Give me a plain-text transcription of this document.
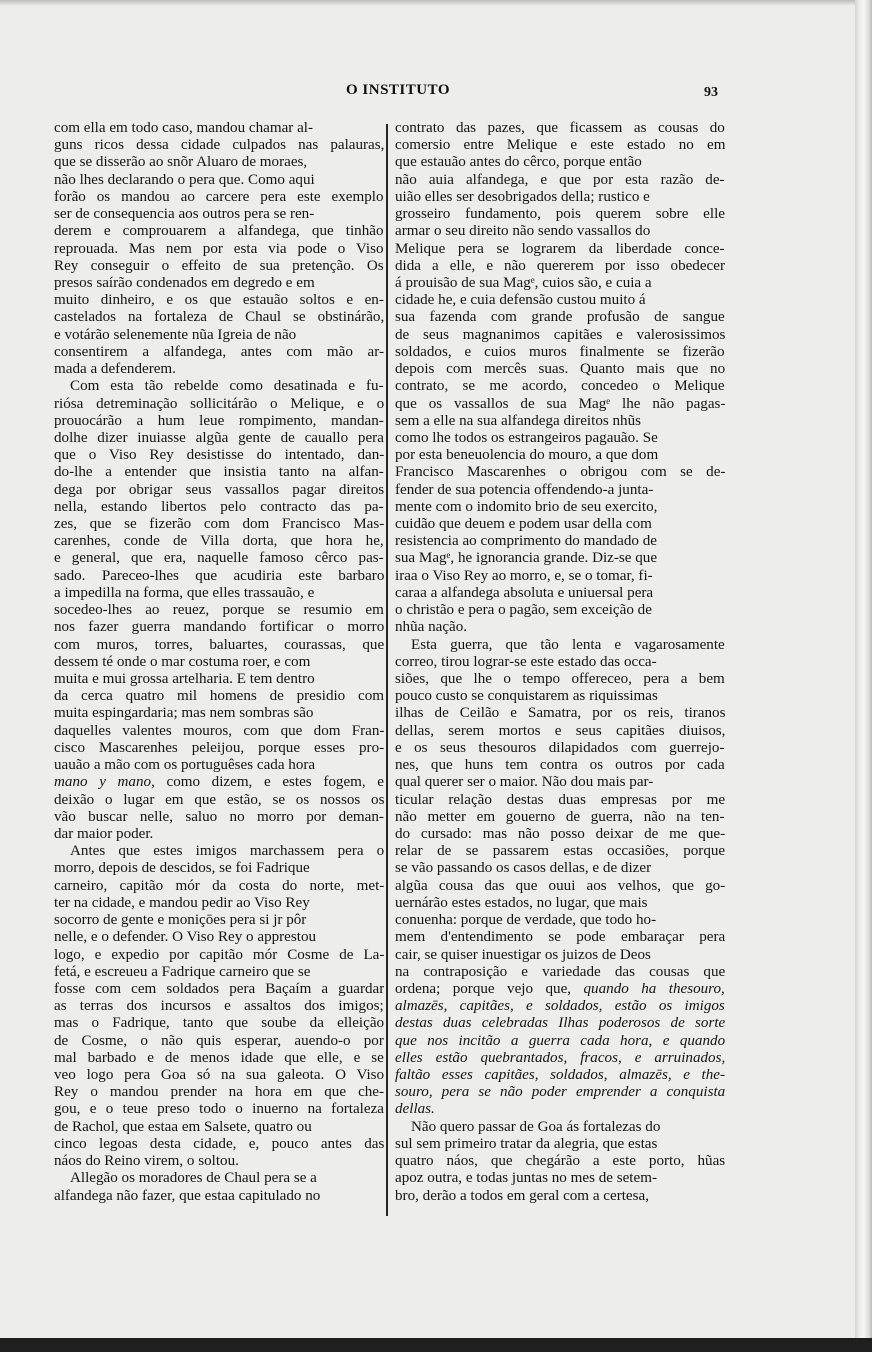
O INSTITUTO	93
com ella em todo caso, mandou chamar al-
guns ricos dessa cidade culpados nas palauras,
que se disserão ao snõr Aluaro de moraes,
não lhes declarando o pera que. Como aqui
forão os mandou ao carcere pera este exemplo
ser de consequencia aos outros pera se ren-
derem e comprouarem a alfandega, que tinhão
reprouada. Mas nem por esta via pode o Viso
Rey conseguir o effeito de sua pretenção. Os
presos saírão condenados em degredo e em
muito dinheiro, e os que estauão soltos e en-
castelados na fortaleza de Chaul se obstinárão,
e votárão selenemente nũa Igreia de não
consentirem a alfandega, antes com mão ar-
mada a defenderem.
Com esta tão rebelde como desatinada e fu-
riósa detreminação sollicitárão o Melique, e o
prouocárão a hum leue rompimento, mandan-
dolhe dizer inuiasse algũa gente de cauallo pera
que o Viso Rey desistisse do intentado, dan-
do-lhe a entender que insistia tanto na alfan-
dega por obrigar seus vassallos pagar direitos
nella, estando libertos pelo contracto das pa-
zes, que se fizerão com dom Francisco Mas-
carenhes, conde de Villa dorta, que hora he,
e general, que era, naquelle famoso cêrco pas-
sado. Pareceo-lhes que acudiria este barbaro
a impedilla na forma, que elles trassauão, e
socedeo-lhes ao reuez, porque se resumio em
nos fazer guerra mandando fortificar o morro
com muros, torres, baluartes, courassas, que
dessem té onde o mar costuma roer, e com
muita e mui grossa artelharia. E tem dentro
da cerca quatro mil homens de presidio com
muita espingardaria; mas nem sombras são
daquelles valentes mouros, com que dom Fran-
cisco Mascarenhes peleijou, porque esses pro-
uauão a mão com os portuguêses cada hora
mano y mano, como dizem, e estes fogem, e
deixão o lugar em que estão, se os nossos os
vão buscar nelle, saluo no morro por deman-
dar maior poder.
Antes que estes imigos marchassem pera o
morro, depois de descidos, se foi Fadrique
carneiro, capitão mór da costa do norte, met-
ter na cidade, e mandou pedir ao Viso Rey
socorro de gente e moniçōes pera si jr pôr
nelle, e o defender. O Viso Rey o apprestou
logo, e expedio por capitão mór Cosme de La-
fetá, e escreueu a Fadrique carneiro que se
fosse com cem soldados pera Baçaím a guardar
as terras dos incursos e assaltos dos imigos;
mas o Fadrique, tanto que soube da elleição
de Cosme, o não quis esperar, auendo-o por
mal barbado e de menos idade que elle, e se
veo logo pera Goa só na sua galeota. O Viso
Rey o mandou prender na hora em que che-
gou, e o teue preso todo o inuerno na fortaleza
de Rachol, que estaa em Salsete, quatro ou
cinco legoas desta cidade, e, pouco antes das
náos do Reino virem, o soltou.
Allegão os moradores de Chaul pera se a
alfandega não fazer, que estaa capitulado no
contrato das pazes, que ficassem as cousas do
comersio entre Melique e este estado no em
que estauão antes do cêrco, porque então
não auia alfandega, e que por esta razão de-
uião elles ser desobrigados della; rustico e
grosseiro fundamento, pois querem sobre elle
armar o seu direito não sendo vassallos do
Melique pera se lograrem da liberdade conce-
dida a elle, e não quererem por isso obedecer
á prouisão de sua Magᵉ, cuios são, e cuia a
cidade he, e cuia defensão custou muito á
sua fazenda com grande profusão de sangue
de seus magnanimos capitães e valerosissimos
soldados, e cuios muros finalmente se fizerão
depois com mercês suas. Quanto mais que no
contrato, se me acordo, concedeo o Melique
que os vassallos de sua Magᵉ lhe não pagas-
sem a elle na sua alfandega direitos nhũs
como lhe todos os estrangeiros pagauão. Se
por esta beneuolencia do mouro, a que dom
Francisco Mascarenhes o obrigou com se de-
fender de sua potencia offendendo-a junta-
mente com o indomito brio de seu exercito,
cuidão que deuem e podem usar della com
resistencia ao comprimento do mandado de
sua Magᵉ, he ignorancia grande. Diz-se que
iraa o Viso Rey ao morro, e, se o tomar, fi-
caraa a alfandega absoluta e uniuersal pera
o christão e pera o pagão, sem exceição de
nhũa nação.
Esta guerra, que tão lenta e vagarosamente
correo, tirou lograr-se este estado das occa-
siões, que lhe o tempo offereceo, pera a bem
pouco custo se conquistarem as riquissimas
ilhas de Ceilão e Samatra, por os reis, tiranos
dellas, serem mortos e seus capitães diuisos,
e os seus thesouros dilapidados com guerrejo-
nes, que huns tem contra os outros por cada
qual querer ser o maior. Não dou mais par-
ticular relação destas duas empresas por me
não metter em gouerno de guerra, não na ten-
do cursado: mas não posso deixar de me que-
relar de se passarem estas occasiões, porque
se vão passando os casos dellas, e de dizer
algũa cousa das que ouui aos velhos, que go-
uernárão estes estados, no lugar, que mais
conuenha: porque de verdade, que todo ho-
mem d'entendimento se pode embaraçar pera
cair, se quiser inuestigar os juizos de Deos
na contraposição e variedade das cousas que
ordena; porque vejo que, quando ha thesouro,
almazēs, capitães, e soldados, estão os imigos
destas duas celebradas Ilhas poderosos de sorte
que nos incitão a guerra cada hora, e quando
elles estão quebrantados, fracos, e arruinados,
faltão esses capitães, soldados, almazēs, e the-
souro, pera se não poder emprender a conquista
dellas.
Não quero passar de Goa ás fortalezas do
sul sem primeiro tratar da alegria, que estas
quatro náos, que chegárão a este porto, hũas
apoz outra, e todas juntas no mes de setem-
bro, derão a todos em geral com a certesa,
